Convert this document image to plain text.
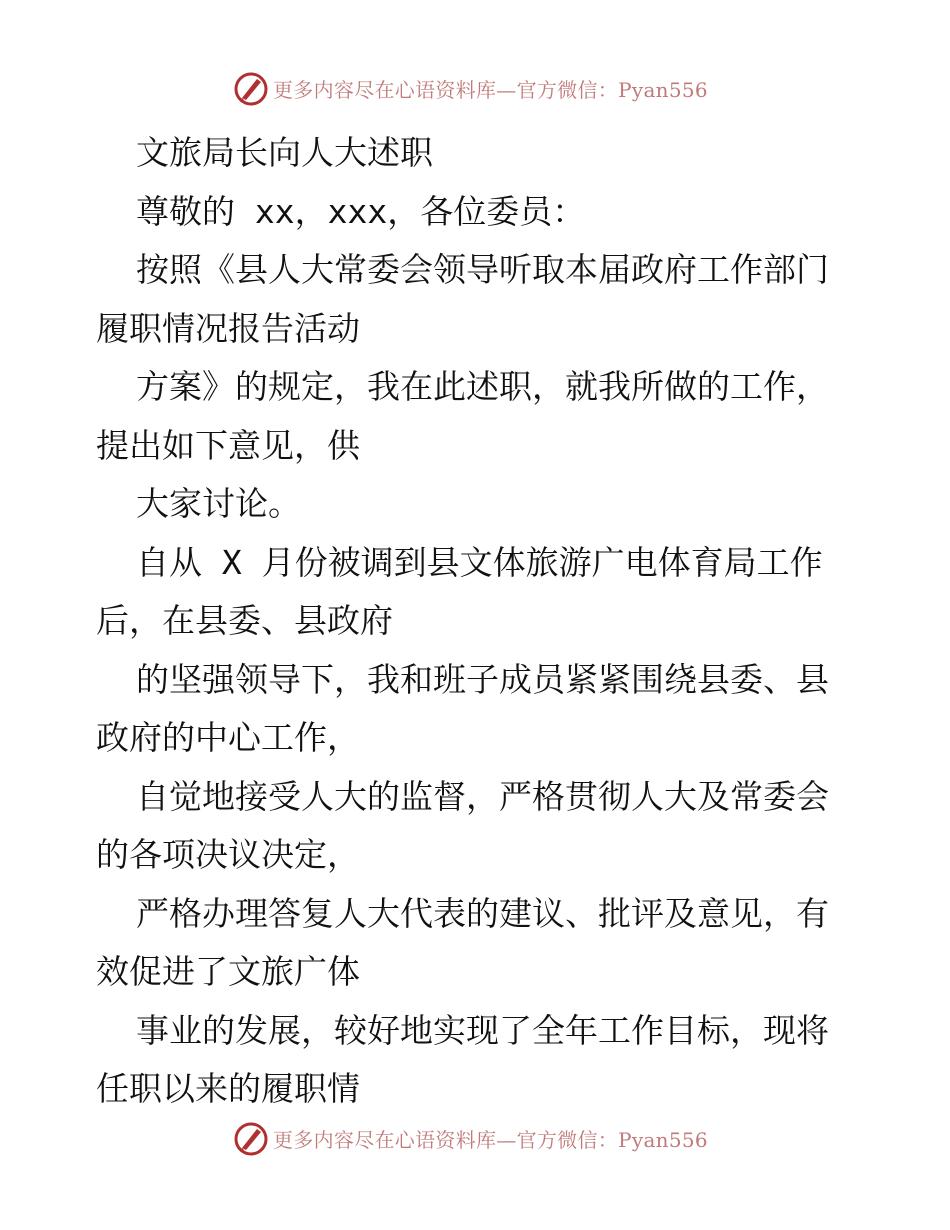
更多内容尽在心语资料库—官方微信：Pyan556
文旅局长向人大述职
尊敬的 xx，xxx，各位委员：
按照《县人大常委会领导听取本届政府工作部门
履职情况报告活动
方案》的规定，我在此述职，就我所做的工作，
提出如下意见，供
大家讨论。
自从 X 月份被调到县文体旅游广电体育局工作
后，在县委、县政府
的坚强领导下，我和班子成员紧紧围绕县委、县
政府的中心工作，
自觉地接受人大的监督，严格贯彻人大及常委会
的各项决议决定，
严格办理答复人大代表的建议、批评及意见，有
效促进了文旅广体
事业的发展，较好地实现了全年工作目标，现将
任职以来的履职情
更多内容尽在心语资料库—官方微信：Pyan556
